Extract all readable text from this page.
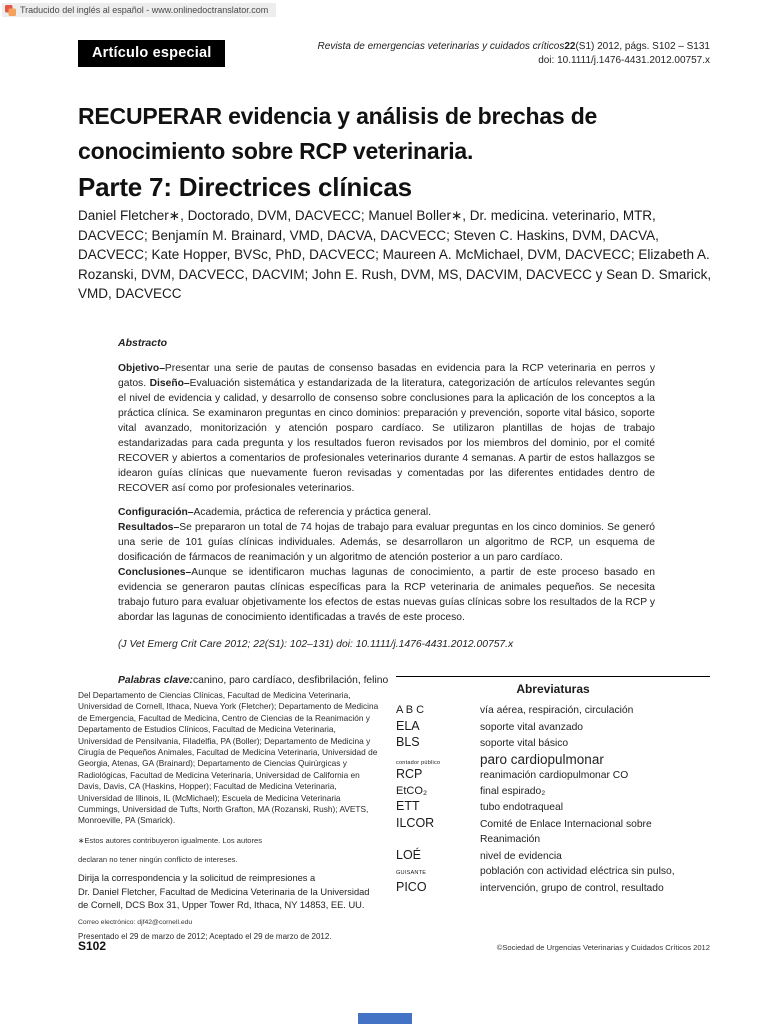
Traducido del inglés al español - www.onlinedoctranslator.com
Artículo especial	Revista de emergencias veterinarias y cuidados críticos22(S1) 2012, págs. S102 – S131
doi: 10.1111/j.1476-4431.2012.00757.x
RECUPERAR evidencia y análisis de brechas de
conocimiento sobre RCP veterinaria.
Parte 7: Directrices clínicas
Daniel Fletcher∗, Doctorado, DVM, DACVECC; Manuel Boller∗, Dr. medicina. veterinario, MTR, DACVECC; Benjamín M. Brainard, VMD, DACVA, DACVECC; Steven C. Haskins, DVM, DACVA, DACVECC; Kate Hopper, BVSc, PhD, DACVECC; Maureen A. McMichael, DVM, DACVECC; Elizabeth A. Rozanski, DVM, DACVECC, DACVIM; John E. Rush, DVM, MS, DACVIM, DACVECC y Sean D. Smarick, VMD, DACVECC

Abstracto

Objetivo–Presentar una serie de pautas de consenso basadas en evidencia para la RCP veterinaria en perros y gatos. Diseño–Evaluación sistemática y estandarizada de la literatura, categorización de artículos relevantes según el nivel de evidencia y calidad, y desarrollo de consenso sobre conclusiones para la aplicación de los conceptos a la práctica clínica. Se examinaron preguntas en cinco dominios: preparación y prevención, soporte vital básico, soporte vital avanzado, monitorización y atención posparo cardíaco. Se utilizaron plantillas de hojas de trabajo estandarizadas para cada pregunta y los resultados fueron revisados por los miembros del dominio, por el comité RECOVER y abiertos a comentarios de profesionales veterinarios durante 4 semanas. A partir de estos hallazgos se idearon guías clínicas que nuevamente fueron revisadas y comentadas por las diferentes entidades dentro de RECOVER así como por profesionales veterinarios.

Configuración–Academia, práctica de referencia y práctica general.

Resultados–Se prepararon un total de 74 hojas de trabajo para evaluar preguntas en los cinco dominios. Se generó una serie de 101 guías clínicas individuales. Además, se desarrollaron un algoritmo de RCP, un esquema de dosificación de fármacos de reanimación y un algoritmo de atención posterior a un paro cardíaco.

Conclusiones–Aunque se identificaron muchas lagunas de conocimiento, a partir de este proceso basado en evidencia se generaron pautas clínicas específicas para la RCP veterinaria de animales pequeños. Se necesita trabajo futuro para evaluar objetivamente los efectos de estas nuevas guías clínicas sobre los resultados de la RCP y abordar las lagunas de conocimiento identificadas a través de este proceso.

(J Vet Emerg Crit Care 2012; 22(S1): 102–131) doi: 10.1111/j.1476-4431.2012.00757.x

Palabras clave:canino, paro cardíaco, desfibrilación, felino

Del Departamento de Ciencias Clínicas, Facultad de Medicina Veterinaria, Universidad de Cornell, Ithaca, Nueva York (Fletcher); Departamento de Medicina de Emergencia, Facultad de Medicina, Centro de Ciencias de la Reanimación y Departamento de Estudios Clínicos, Facultad de Medicina Veterinaria, Universidad de Pensilvania, Filadelfia, PA (Boller); Departamento de Medicina y Cirugía de Pequeños Animales, Facultad de Medicina Veterinaria, Universidad de Georgia, Atenas, GA (Brainard); Departamento de Ciencias Quirúrgicas y Radiológicas, Facultad de Medicina Veterinaria, Universidad de California en Davis, Davis, CA (Haskins, Hopper); Facultad de Medicina Veterinaria, Universidad de Illinois, IL (McMichael); Escuela de Medicina Veterinaria Cummings, Universidad de Tufts, North Grafton, MA (Rozanski, Rush); AVETS, Monroeville, PA (Smarick).

∗Estos autores contribuyeron igualmente. Los autores

declaran no tener ningún conflicto de intereses.

Dirija la correspondencia y la solicitud de reimpresiones a

Dr. Daniel Fletcher, Facultad de Medicina Veterinaria de la Universidad de Cornell, DCS Box 31, Upper Tower Rd, Ithaca, NY 14853, EE. UU.

Correo electrónico: djf42@cornell.edu

Presentado el 29 de marzo de 2012; Aceptado el 29 de marzo de 2012.

Abreviaturas
A B C	vía aérea, respiración, circulación
ELA	soporte vital avanzado
BLS	soporte vital básico
contador público	paro cardiopulmonar
RCP	reanimación cardiopulmonar CO
EtCO₂	final espirado₂
ETT	tubo endotraqueal
ILCOR	Comité de Enlace Internacional sobre Reanimación
LOÉ	nivel de evidencia
GUISANTE	población con actividad eléctrica sin pulso,
PICO	intervención, grupo de control, resultado
S102	©Sociedad de Urgencias Veterinarias y Cuidados Críticos 2012
